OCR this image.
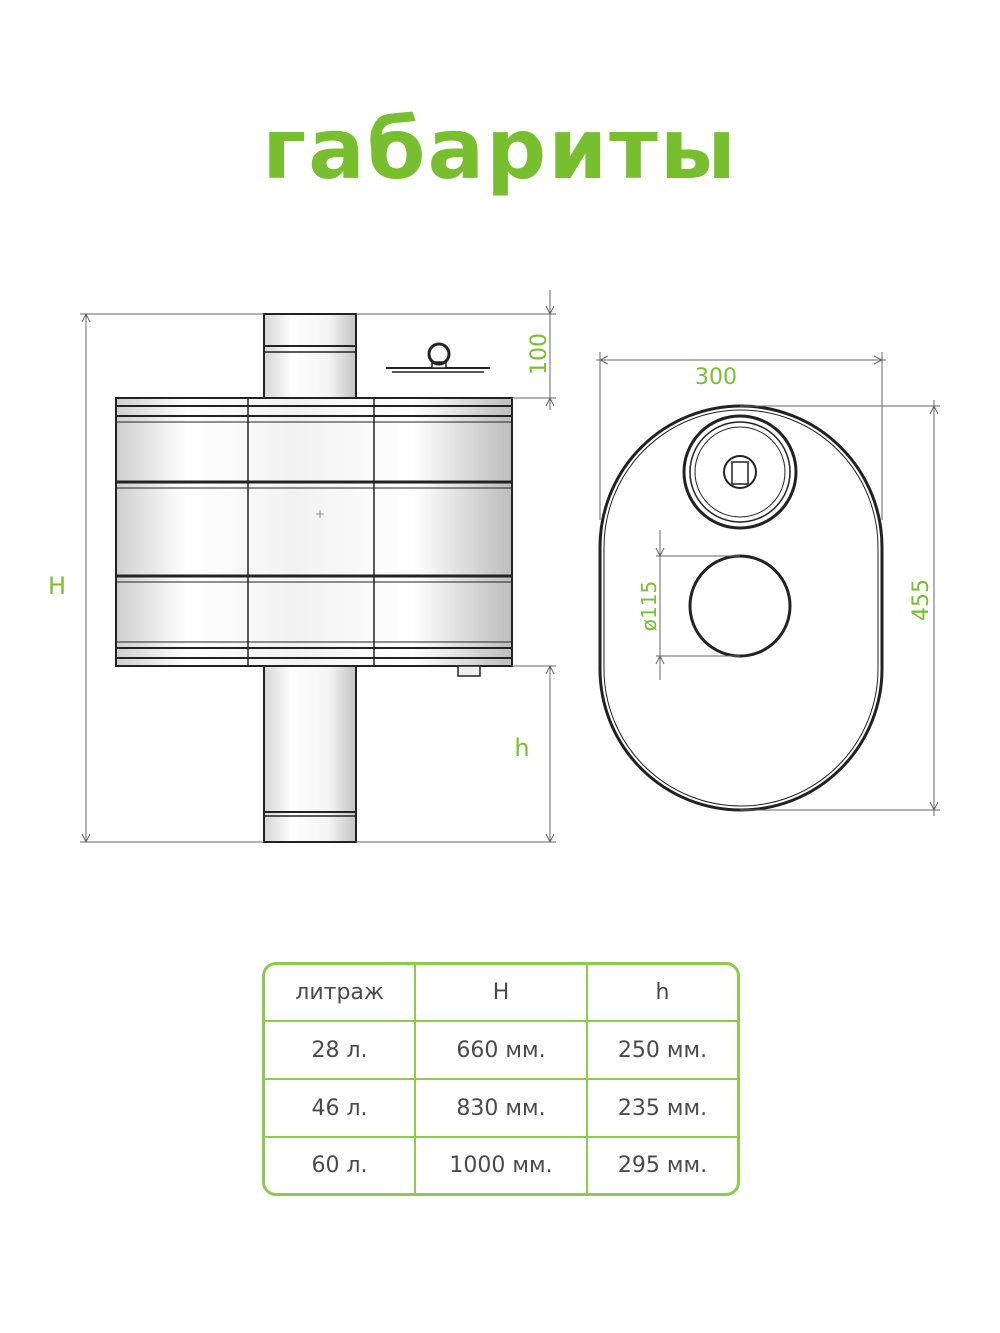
габариты
+
H
h
100
300
455
ø115
литраж	H	h
28 л.	660 мм.	250 мм.
46 л.	830 мм.	235 мм.
60 л.	1000 мм.	295 мм.
